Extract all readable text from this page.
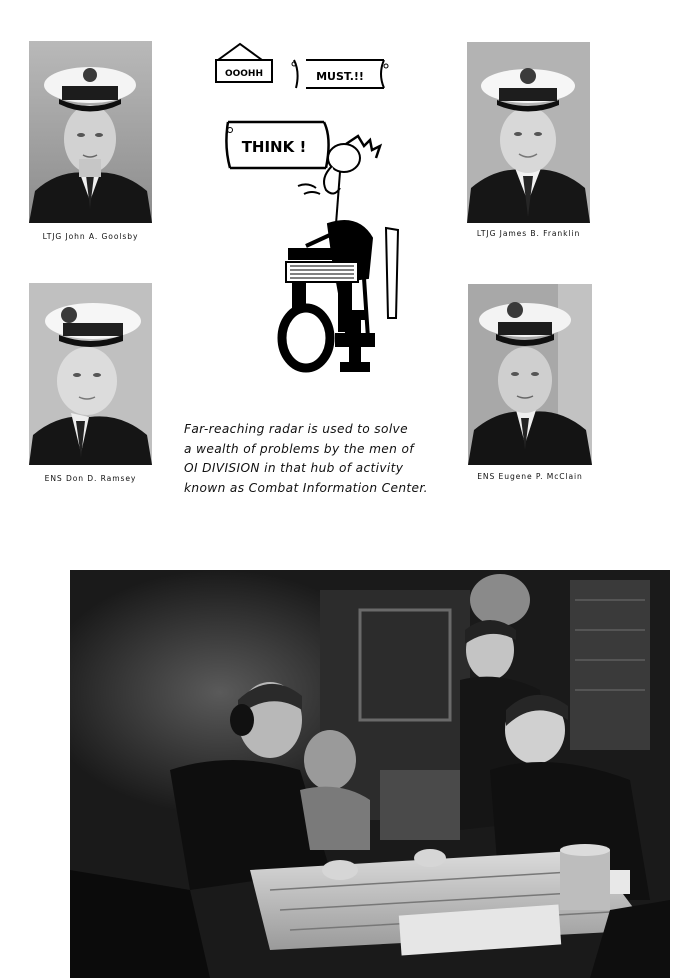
LTJG John A. Goolsby	LTJG James B. Franklin
ENS Don D. Ramsey	ENS Eugene P. McClain
OOOHH	MUST.!!
THINK !
OI
Far-reaching radar is used to solve
a wealth of problems by the men of
OI DIVISION in that hub of activity
known as Combat Information Center.
